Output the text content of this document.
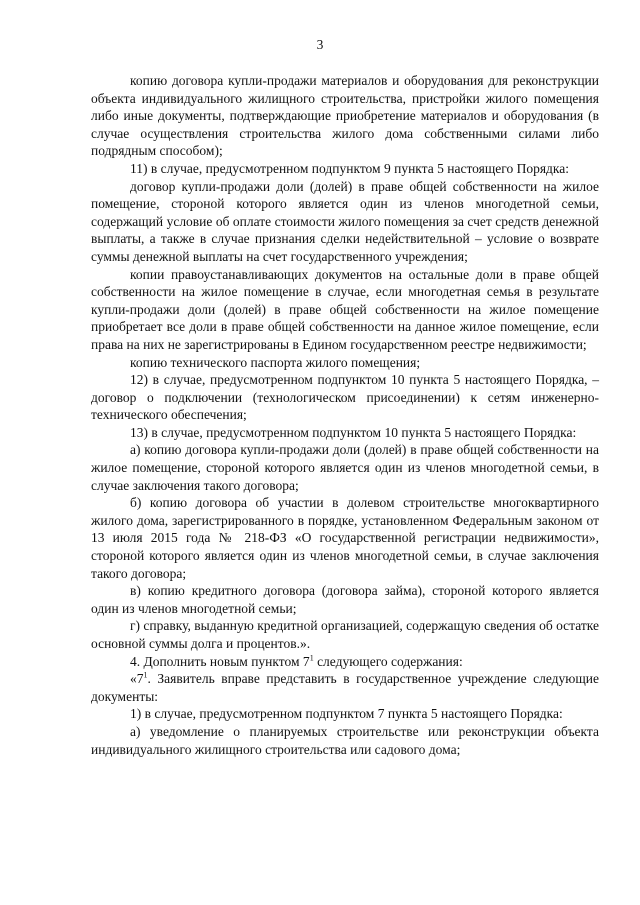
3

копию договора купли-продажи материалов и оборудования для реконструкции объекта индивидуального жилищного строительства, пристройки жилого помещения либо иные документы, подтверждающие приобретение материалов и оборудования (в случае осуществления строительства жилого дома собственными силами либо подрядным способом);

11) в случае, предусмотренном подпунктом 9 пункта 5 настоящего Порядка:

договор купли-продажи доли (долей) в праве общей собственности на жилое помещение, стороной которого является один из членов многодетной семьи, содержащий условие об оплате стоимости жилого помещения за счет средств денежной выплаты, а также в случае признания сделки недействительной – условие о возврате суммы денежной выплаты на счет государственного учреждения;

копии правоустанавливающих документов на остальные доли в праве общей собственности на жилое помещение в случае, если многодетная семья в результате купли-продажи доли (долей) в праве общей собственности на жилое помещение приобретает все доли в праве общей собственности на данное жилое помещение, если права на них не зарегистрированы в Едином государственном реестре недвижимости;

копию технического паспорта жилого помещения;

12) в случае, предусмотренном подпунктом 10 пункта 5 настоящего Порядка, – договор о подключении (технологическом присоединении) к сетям инженерно-технического обеспечения;

13) в случае, предусмотренном подпунктом 10 пункта 5 настоящего Порядка:

а) копию договора купли-продажи доли (долей) в праве общей собственности на жилое помещение, стороной которого является один из членов многодетной семьи, в случае заключения такого договора;

б) копию договора об участии в долевом строительстве многоквартирного жилого дома, зарегистрированного в порядке, установленном Федеральным законом от 13 июля 2015 года № 218-ФЗ «О государственной регистрации недвижимости», стороной которого является один из членов многодетной семьи, в случае заключения такого договора;

в) копию кредитного договора (договора займа), стороной которого является один из членов многодетной семьи;

г) справку, выданную кредитной организацией, содержащую сведения об остатке основной суммы долга и процентов.».

4. Дополнить новым пунктом $7^1$ следующего содержания:

«$7^1$. Заявитель вправе представить в государственное учреждение следующие документы:

1) в случае, предусмотренном подпунктом 7 пункта 5 настоящего Порядка:

а) уведомление о планируемых строительстве или реконструкции объекта индивидуального жилищного строительства или садового дома;
